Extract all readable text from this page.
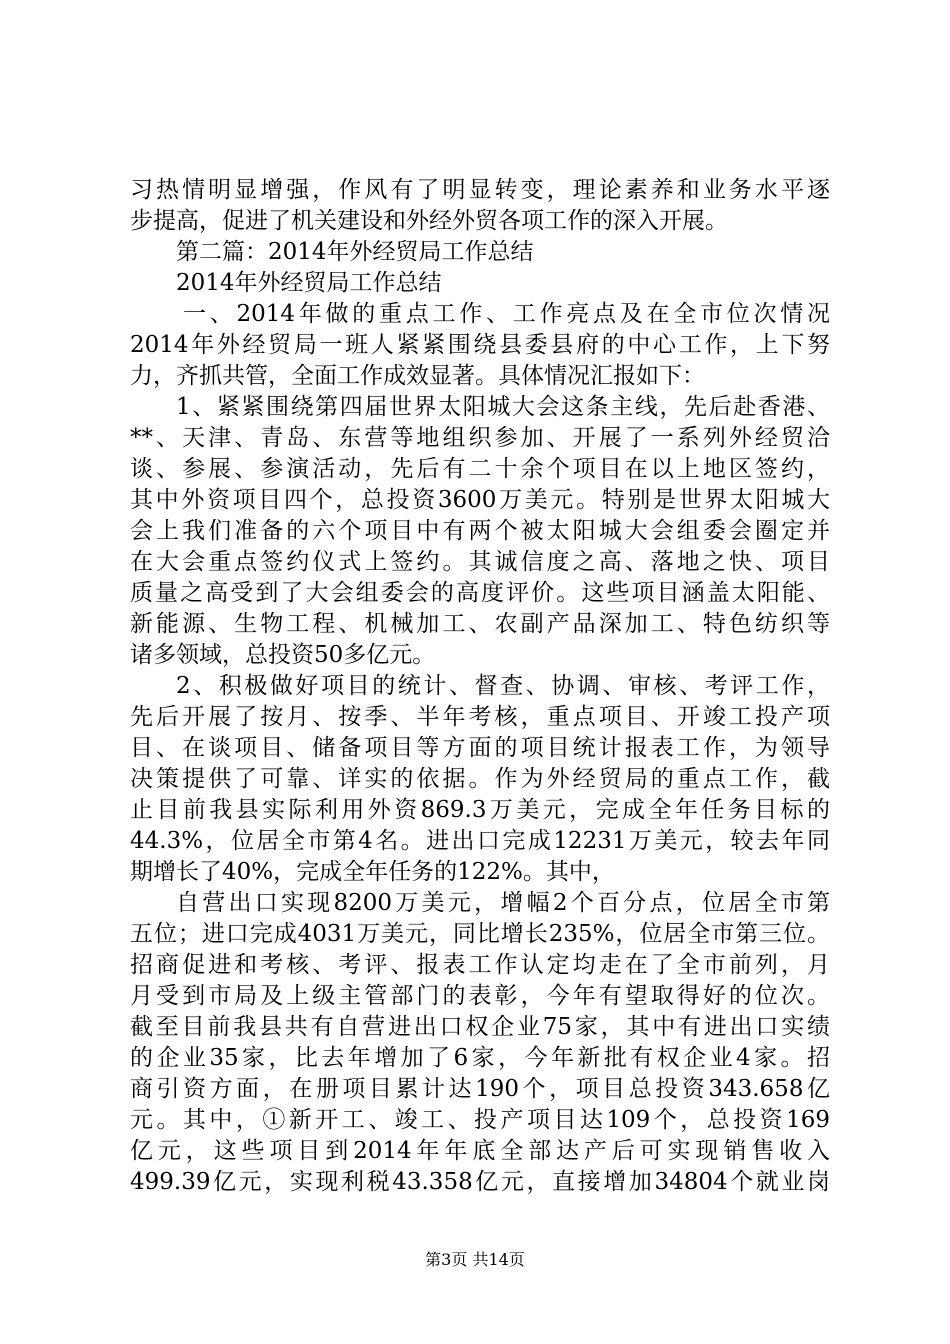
习热情明显增强，作风有了明显转变，理论素养和业务水平逐
步提高，促进了机关建设和外经外贸各项工作的深入开展。
第二篇：2014年外经贸局工作总结
2014年外经贸局工作总结
一、2014年做的重点工作、工作亮点及在全市位次情况
2014年外经贸局一班人紧紧围绕县委县府的中心工作，上下努
力，齐抓共管，全面工作成效显著。具体情况汇报如下：
1、紧紧围绕第四届世界太阳城大会这条主线，先后赴香港、
**、天津、青岛、东营等地组织参加、开展了一系列外经贸洽
谈、参展、参演活动，先后有二十余个项目在以上地区签约，
其中外资项目四个，总投资3600万美元。特别是世界太阳城大
会上我们准备的六个项目中有两个被太阳城大会组委会圈定并
在大会重点签约仪式上签约。其诚信度之高、落地之快、项目
质量之高受到了大会组委会的高度评价。这些项目涵盖太阳能、
新能源、生物工程、机械加工、农副产品深加工、特色纺织等
诸多领域，总投资50多亿元。
2、积极做好项目的统计、督查、协调、审核、考评工作，
先后开展了按月、按季、半年考核，重点项目、开竣工投产项
目、在谈项目、储备项目等方面的项目统计报表工作，为领导
决策提供了可靠、详实的依据。作为外经贸局的重点工作，截
止目前我县实际利用外资869.3万美元，完成全年任务目标的
44.3%，位居全市第4名。进出口完成12231万美元，较去年同
期增长了40%，完成全年任务的122%。其中，
自营出口实现8200万美元，增幅2个百分点，位居全市第
五位；进口完成4031万美元，同比增长235%，位居全市第三位。
招商促进和考核、考评、报表工作认定均走在了全市前列，月
月受到市局及上级主管部门的表彰，今年有望取得好的位次。
截至目前我县共有自营进出口权企业75家，其中有进出口实绩
的企业35家，比去年增加了6家，今年新批有权企业4家。招
商引资方面，在册项目累计达190个，项目总投资343.658亿
元。其中，①新开工、竣工、投产项目达109个，总投资169
亿元，这些项目到2014年年底全部达产后可实现销售收入
499.39亿元，实现利税43.358亿元，直接增加34804个就业岗
第3页 共14页
